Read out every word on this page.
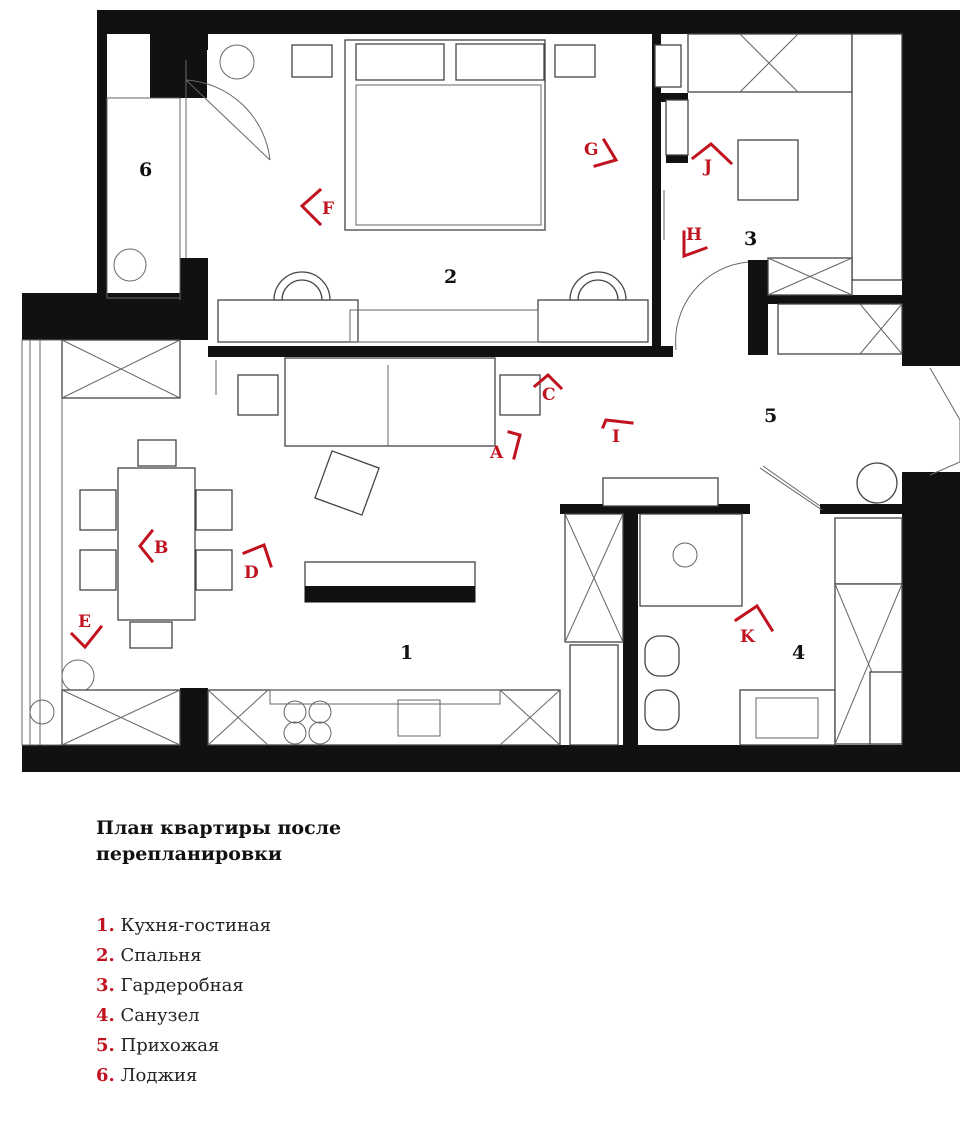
1
2
3
4
5
6
A
B
C
D
E
F
G
H
I
J
K
План квартиры после перепланировки
1. Кухня-гостиная
2. Спальня
3. Гардеробная
4. Санузел
5. Прихожая
6. Лоджия
